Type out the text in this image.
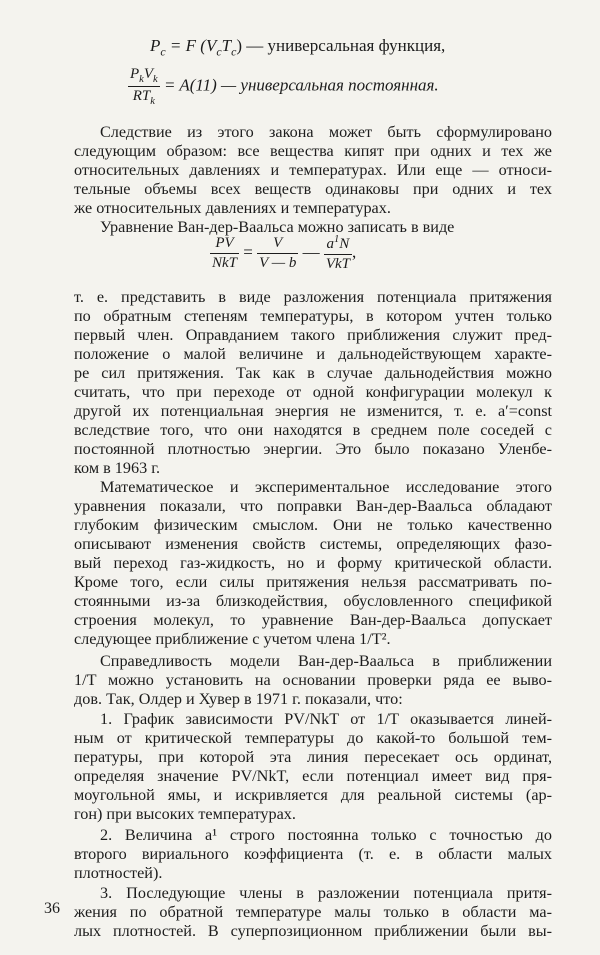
$P_c = F$ $(V_cT_c)$ — универсальная функция,
$\frac{P_kV_k}{RT_k} = A(11)$ — универсальная постоянная.
Следствие из этого закона может быть сформулировано
следующим образом: все вещества кипят при одних и тех же
относительных давлениях и температурах. Или еще — относи-
тельные объемы всех веществ одинаковы при одних и тех
же относительных давлениях и температурах.
Уравнение Ван-дер-Ваальса можно записать в виде
$\frac{PV}{\text{NkT}} = \frac{V}{V — b}$ — $\frac{a^1N}{\text{VkT}}$ ,
т. е. представить в виде разложения потенциала притяжения
по обратным степеням температуры, в котором учтен только
первый член. Оправданием такого приближения служит пред-
положение о малой величине и дальнодействующем характе-
ре сил притяжения. Так как в случае дальнодействия можно
считать, что при переходе от одной конфигурации молекул к
другой их потенциальная энергия не изменится, т. е. a′=const
вследствие того, что они находятся в среднем поле соседей с
постоянной плотностью энергии. Это было показано Уленбе-
ком в 1963 г.
Математическое и экспериментальное исследование этого
уравнения показали, что поправки Ван-дер-Ваальса обладают
глубоким физическим смыслом. Они не только качественно
описывают изменения свойств системы, определяющих фазо-
вый переход газ-жидкость, но и форму критической области.
Кроме того, если силы притяжения нельзя рассматривать по-
стоянными из-за близкодействия, обусловленного спецификой
строения молекул, то уравнение Ван-дер-Ваальса допускает
следующее приближение с учетом члена 1/T².
Справедливость модели Ван-дер-Ваальса в приближении
1/T можно установить на основании проверки ряда ее выво-
дов. Так, Олдер и Хувер в 1971 г. показали, что:
1. График зависимости PV/NkT от 1/T оказывается линей-
ным от критической температуры до какой-то большой тем-
пературы, при которой эта линия пересекает ось ординат,
определяя значение PV/NkT, если потенциал имеет вид пря-
моугольной ямы, и искривляется для реальной системы (ар-
гон) при высоких температурах.
2. Величина a¹ строго постоянна только с точностью до
второго вириального коэффициента (т. е. в области малых
плотностей).
3. Последующие члены в разложении потенциала притя-
жения по обратной температуре малы только в области ма-
лых плотностей. В суперпозиционном приближении были вы-
36
